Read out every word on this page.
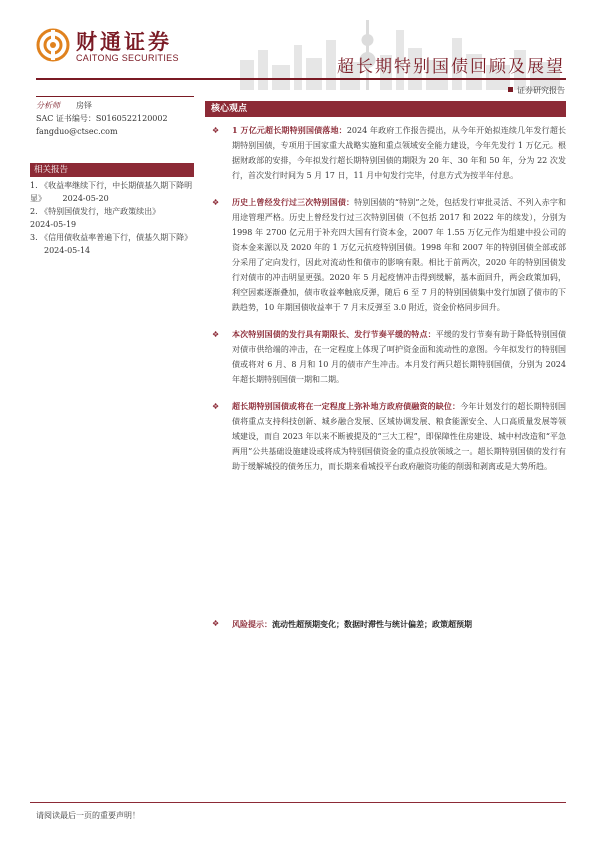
财通证券
CAITONG SECURITIES	超长期特别国债回顾及展望
证券研究报告
分析师 房铎
SAC 证书编号：S0160522120002
fangduo@ctsec.com
相关报告
1. 《收益率继续下行，中长期债基久期下降明显》 2024-05-20
2. 《特别国债发行，地产政策续出》
2024-05-19
3. 《信用债收益率普遍下行，债基久期下降》 2024-05-14
核心观点
❖ 1 万亿元超长期特别国债落地：2024 年政府工作报告提出，从今年开始拟连续几年发行超长期特别国债，专项用于国家重大战略实施和重点领域安全能力建设，今年先发行 1 万亿元。根据财政部的安排，今年拟发行超长期特别国债的期限为 20 年、30 年和 50 年，分为 22 次发行，首次发行时间为 5 月 17 日，11 月中旬发行完毕，付息方式为按半年付息。
❖ 历史上曾经发行过三次特别国债：特别国债的“特别”之处，包括发行审批灵活、不列入赤字和用途管理严格。历史上曾经发行过三次特别国债（不包括 2017 和 2022 年的续发），分别为 1998 年 2700 亿元用于补充四大国有行资本金，2007 年 1.55 万亿元作为组建中投公司的资本金来源以及 2020 年的 1 万亿元抗疫特别国债。1998 年和 2007 年的特别国债全部或部分采用了定向发行，因此对流动性和债市的影响有限。相比于前两次，2020 年的特别国债发行对债市的冲击明显更强。2020 年 5 月起疫情冲击得到缓解，基本面回升，两会政策加码，利空因素逐渐叠加，债市收益率触底反弹，随后 6 至 7 月的特别国债集中发行加剧了债市的下跌趋势，10 年期国债收益率于 7 月末反弹至 3.0 附近，资金价格同步回升。
❖ 本次特别国债的发行具有期限长、发行节奏平缓的特点：平缓的发行节奏有助于降低特别国债对债市供给端的冲击，在一定程度上体现了呵护资金面和流动性的意图。今年拟发行的特别国债或将对 6 月、8 月和 10 月的债市产生冲击。本月发行两只超长期特别国债，分别为 2024 年超长期特别国债一期和二期。
❖ 超长期特别国债或将在一定程度上弥补地方政府债融资的缺位：今年计划发行的超长期特别国债将重点支持科技创新、城乡融合发展、区域协调发展、粮食能源安全、人口高质量发展等领域建设，而自 2023 年以来不断被提及的“三大工程”，即保障性住房建设、城中村改造和“平急两用”公共基础设施建设或将成为特别国债资金的重点投放领域之一。超长期特别国债的发行有助于缓解城投的债务压力，而长期来看城投平台政府融资功能的削弱和剥离或是大势所趋。
❖ 风险提示：流动性超预期变化；数据时滞性与统计偏差；政策超预期
请阅读最后一页的重要声明！
